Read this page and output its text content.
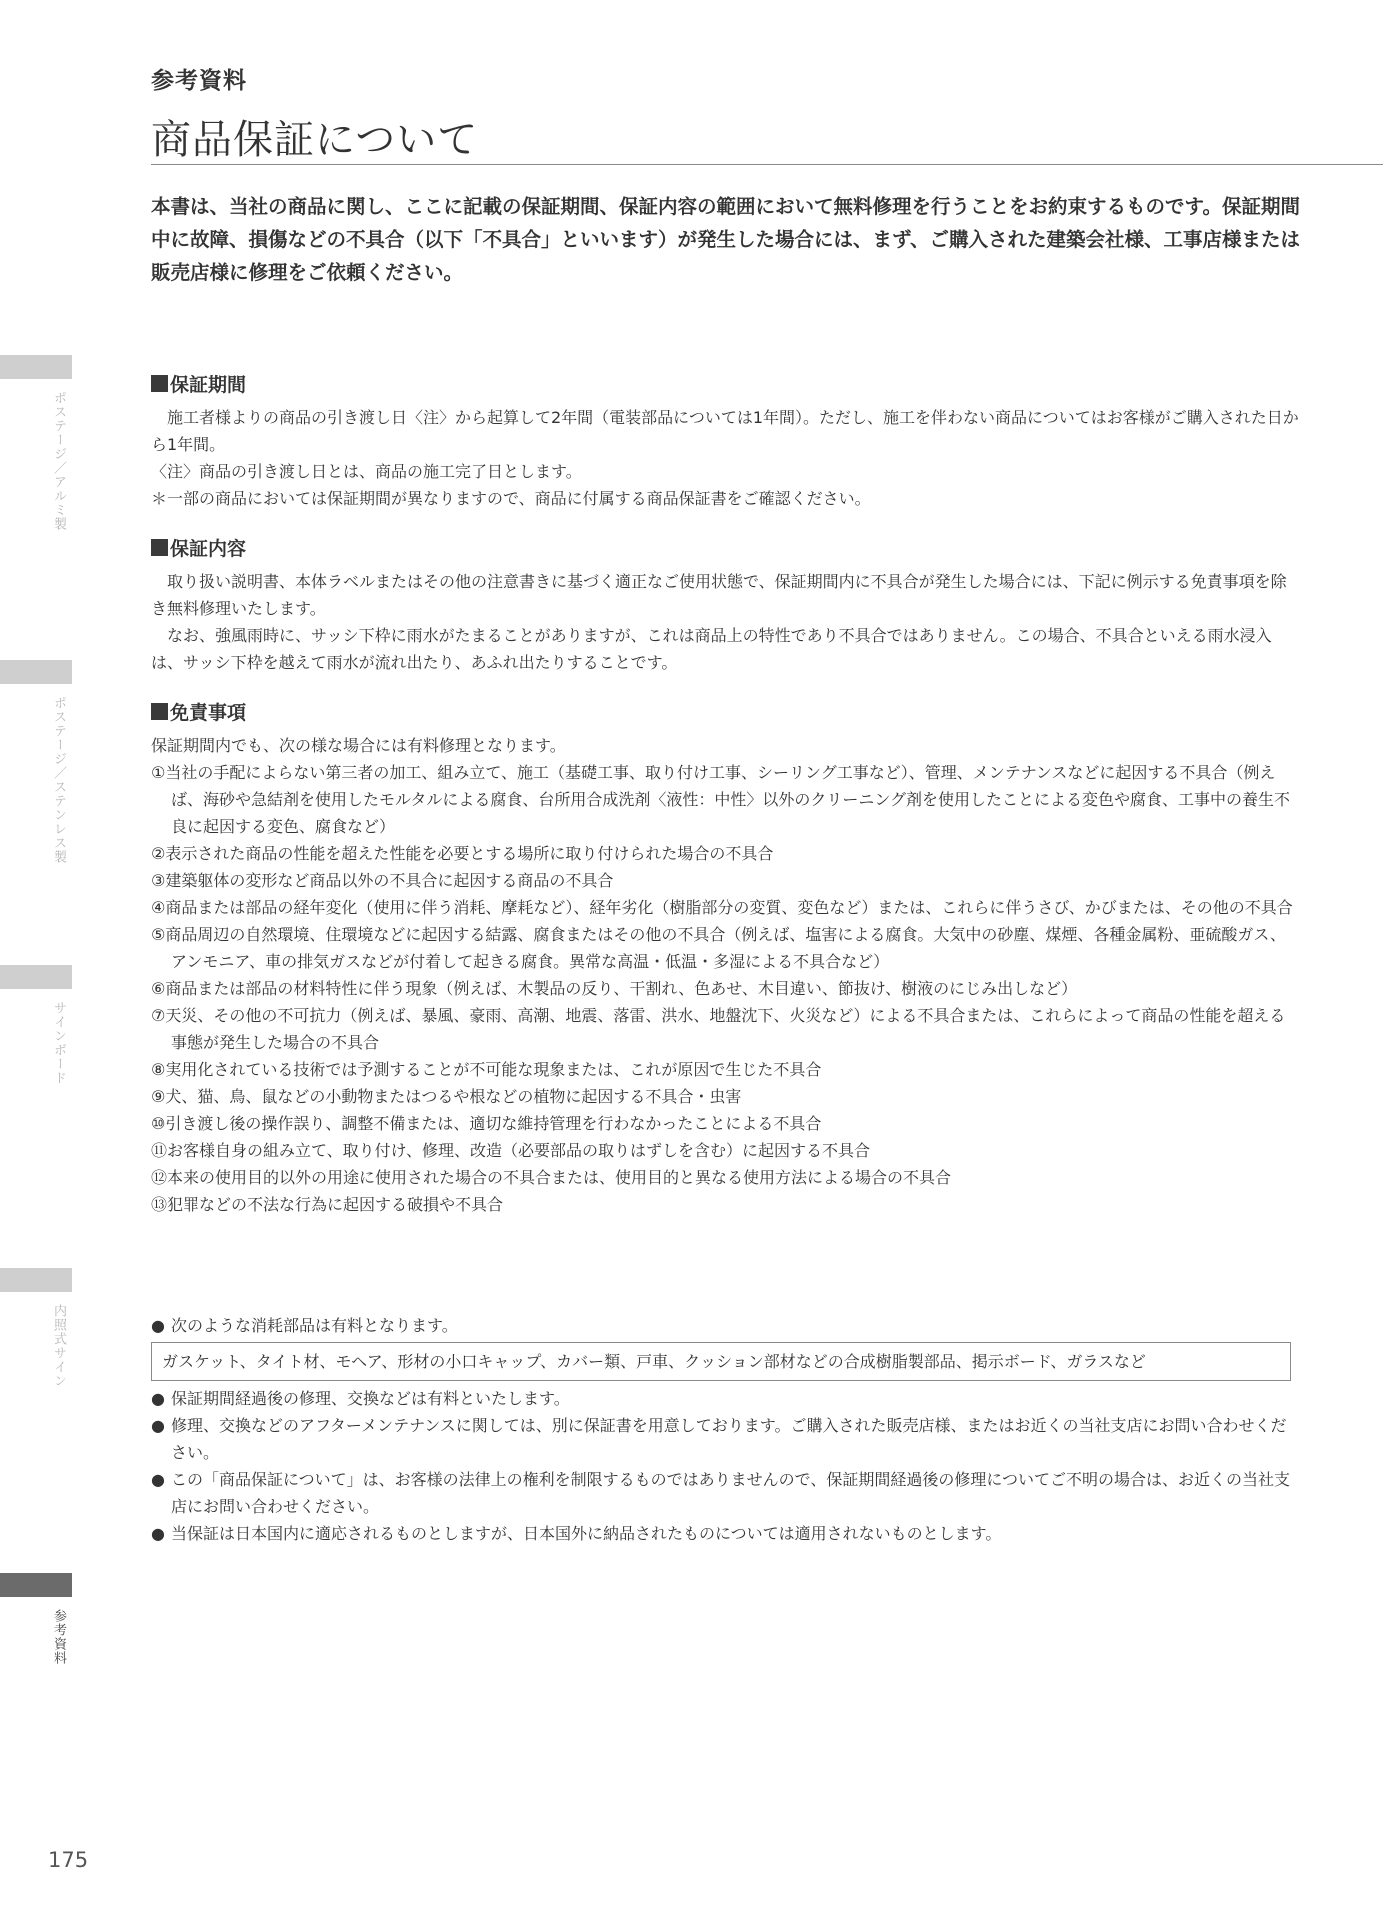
参考資料
商品保証について

本書は、当社の商品に関し、ここに記載の保証期間、保証内容の範囲において無料修理を行うことをお約束するものです。保証期間中に故障、損傷などの不具合（以下「不具合」といいます）が発生した場合には、まず、ご購入された建築会社様、工事店様または販売店様に修理をご依頼ください。

ポステージ／アルミ製
ポステージ／ステンレス製
サインボード
内照式サイン
参考資料
保証期間

施工者様よりの商品の引き渡し日〈注〉から起算して2年間（電装部品については1年間）。ただし、施工を伴わない商品についてはお客様がご購入された日から1年間。

〈注〉商品の引き渡し日とは、商品の施工完了日とします。

＊一部の商品においては保証期間が異なりますので、商品に付属する商品保証書をご確認ください。

保証内容

取り扱い説明書、本体ラベルまたはその他の注意書きに基づく適正なご使用状態で、保証期間内に不具合が発生した場合には、下記に例示する免責事項を除き無料修理いたします。

なお、強風雨時に、サッシ下枠に雨水がたまることがありますが、これは商品上の特性であり不具合ではありません。この場合、不具合といえる雨水浸入は、サッシ下枠を越えて雨水が流れ出たり、あふれ出たりすることです。

免責事項

保証期間内でも、次の様な場合には有料修理となります。

①当社の手配によらない第三者の加工、組み立て、施工（基礎工事、取り付け工事、シーリング工事など）、管理、メンテナンスなどに起因する不具合（例えば、海砂や急結剤を使用したモルタルによる腐食、台所用合成洗剤〈液性：中性〉以外のクリーニング剤を使用したことによる変色や腐食、工事中の養生不良に起因する変色、腐食など）
②表示された商品の性能を超えた性能を必要とする場所に取り付けられた場合の不具合
③建築躯体の変形など商品以外の不具合に起因する商品の不具合
④商品または部品の経年変化（使用に伴う消耗、摩耗など）、経年劣化（樹脂部分の変質、変色など）または、これらに伴うさび、かびまたは、その他の不具合
⑤商品周辺の自然環境、住環境などに起因する結露、腐食またはその他の不具合（例えば、塩害による腐食。大気中の砂塵、煤煙、各種金属粉、亜硫酸ガス、アンモニア、車の排気ガスなどが付着して起きる腐食。異常な高温・低温・多湿による不具合など）
⑥商品または部品の材料特性に伴う現象（例えば、木製品の反り、干割れ、色あせ、木目違い、節抜け、樹液のにじみ出しなど）
⑦天災、その他の不可抗力（例えば、暴風、豪雨、高潮、地震、落雷、洪水、地盤沈下、火災など）による不具合または、これらによって商品の性能を超える事態が発生した場合の不具合
⑧実用化されている技術では予測することが不可能な現象または、これが原因で生じた不具合
⑨犬、猫、鳥、鼠などの小動物またはつるや根などの植物に起因する不具合・虫害
⑩引き渡し後の操作誤り、調整不備または、適切な維持管理を行わなかったことによる不具合
⑪お客様自身の組み立て、取り付け、修理、改造（必要部品の取りはずしを含む）に起因する不具合
⑫本来の使用目的以外の用途に使用された場合の不具合または、使用目的と異なる使用方法による場合の不具合
⑬犯罪などの不法な行為に起因する破損や不具合

● 次のような消耗部品は有料となります。

ガスケット、タイト材、モヘア、形材の小口キャップ、カバー類、戸車、クッション部材などの合成樹脂製部品、掲示ボード、ガラスなど

● 保証期間経過後の修理、交換などは有料といたします。

● 修理、交換などのアフターメンテナンスに関しては、別に保証書を用意しております。ご購入された販売店様、またはお近くの当社支店にお問い合わせください。

● この「商品保証について」は、お客様の法律上の権利を制限するものではありませんので、保証期間経過後の修理についてご不明の場合は、お近くの当社支店にお問い合わせください。

● 当保証は日本国内に適応されるものとしますが、日本国外に納品されたものについては適用されないものとします。

175
